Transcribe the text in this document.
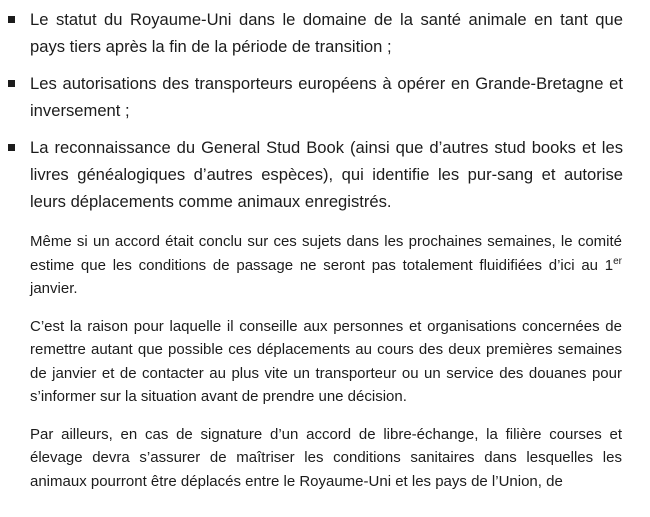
Le statut du Royaume-Uni dans le domaine de la santé animale en tant que pays tiers après la fin de la période de transition ;
Les autorisations des transporteurs européens à opérer en Grande-Bretagne et inversement ;
La reconnaissance du General Stud Book (ainsi que d’autres stud books et les livres généalogiques d’autres espèces), qui identifie les pur-sang et autorise leurs déplacements comme animaux enregistrés.

Même si un accord était conclu sur ces sujets dans les prochaines semaines, le comité estime que les conditions de passage ne seront pas totalement fluidifiées d’ici au 1er janvier.

C’est la raison pour laquelle il conseille aux personnes et organisations concernées de remettre autant que possible ces déplacements au cours des deux premières semaines de janvier et de contacter au plus vite un transporteur ou un service des douanes pour s’informer sur la situation avant de prendre une décision.

Par ailleurs, en cas de signature d’un accord de libre-échange, la filière courses et élevage devra s’assurer de maîtriser les conditions sanitaires dans lesquelles les animaux pourront être déplacés entre le Royaume-Uni et les pays de l’Union, de
